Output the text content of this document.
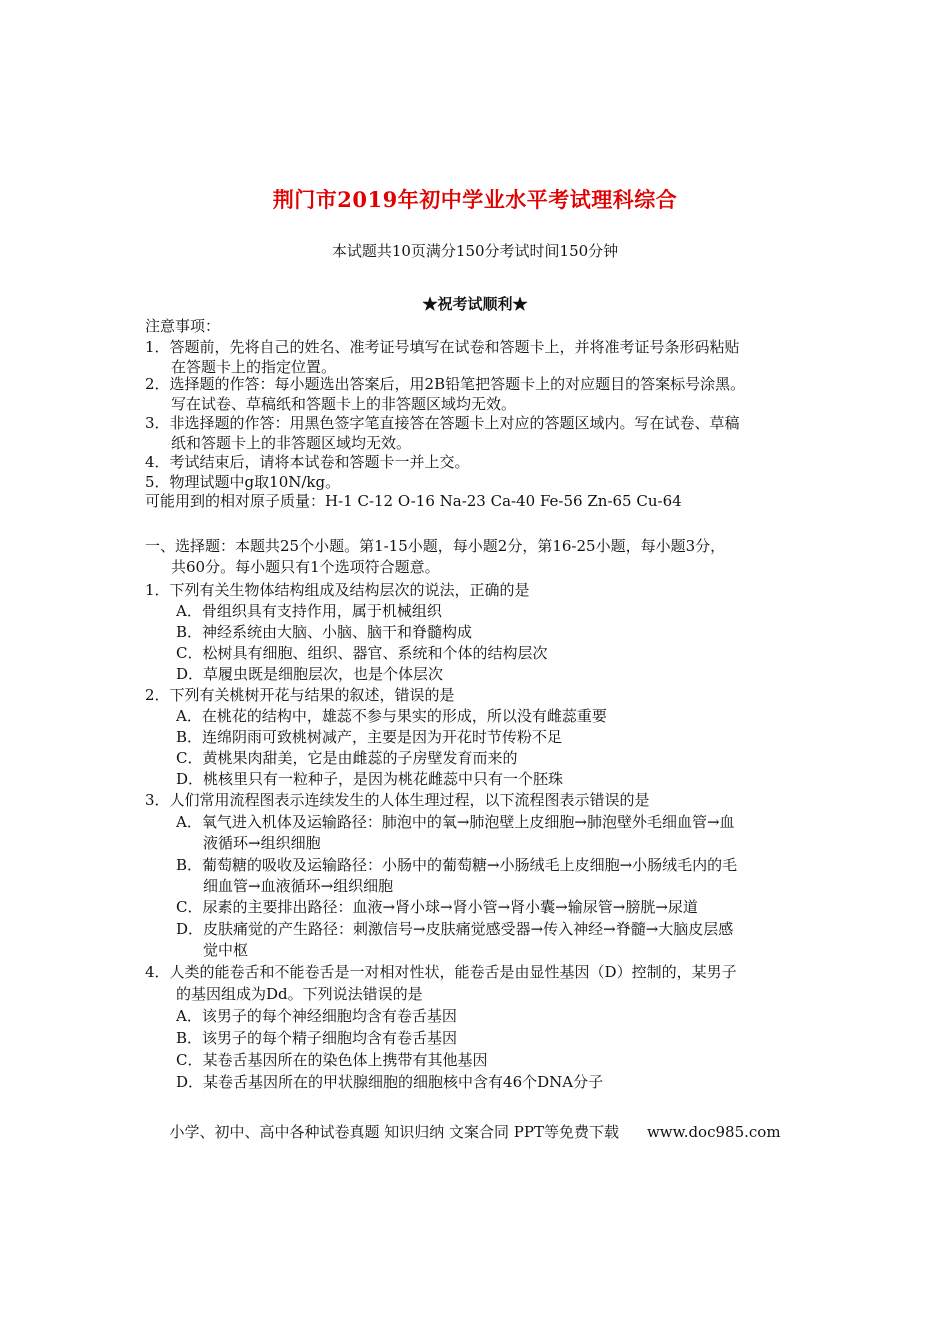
荆门市2019年初中学业水平考试理科综合
本试题共10页满分150分考试时间150分钟
★祝考试顺利★
注意事项：
1．答题前，先将自己的姓名、准考证号填写在试卷和答题卡上，并将准考证号条形码粘贴
在答题卡上的指定位置。
2．选择题的作答：每小题选出答案后，用2B铅笔把答题卡上的对应题目的答案标号涂黑。
写在试卷、草稿纸和答题卡上的非答题区域均无效。
3．非选择题的作答：用黑色签字笔直接答在答题卡上对应的答题区域内。写在试卷、草稿
纸和答题卡上的非答题区域均无效。
4．考试结束后，请将本试卷和答题卡一并上交。
5．物理试题中g取10N/kg。
可能用到的相对原子质量：H-1 C-12 O-16 Na-23 Ca-40 Fe-56 Zn-65 Cu-64
一、选择题：本题共25个小题。第1-15小题，每小题2分，第16-25小题，每小题3分，
共60分。每小题只有1个选项符合题意。
1．下列有关生物体结构组成及结构层次的说法，正确的是
A．骨组织具有支持作用，属于机械组织
B．神经系统由大脑、小脑、脑干和脊髓构成
C．松树具有细胞、组织、器官、系统和个体的结构层次
D．草履虫既是细胞层次，也是个体层次
2．下列有关桃树开花与结果的叙述，错误的是
A．在桃花的结构中，雄蕊不参与果实的形成，所以没有雌蕊重要
B．连绵阴雨可致桃树减产，主要是因为开花时节传粉不足
C．黄桃果肉甜美，它是由雌蕊的子房壁发育而来的
D．桃核里只有一粒种子，是因为桃花雌蕊中只有一个胚珠
3．人们常用流程图表示连续发生的人体生理过程，以下流程图表示错误的是
A．氧气进入机体及运输路径：肺泡中的氧→肺泡壁上皮细胞→肺泡壁外毛细血管→血
液循环→组织细胞
B．葡萄糖的吸收及运输路径：小肠中的葡萄糖→小肠绒毛上皮细胞→小肠绒毛内的毛
细血管→血液循环→组织细胞
C．尿素的主要排出路径：血液→肾小球→肾小管→肾小囊→输尿管→膀胱→尿道
D．皮肤痛觉的产生路径：刺激信号→皮肤痛觉感受器→传入神经→脊髓→大脑皮层感
觉中枢
4．人类的能卷舌和不能卷舌是一对相对性状，能卷舌是由显性基因（D）控制的，某男子
的基因组成为Dd。下列说法错误的是
A．该男子的每个神经细胞均含有卷舌基因
B．该男子的每个精子细胞均含有卷舌基因
C．某卷舌基因所在的染色体上携带有其他基因
D．某卷舌基因所在的甲状腺细胞的细胞核中含有46个DNA分子
小学、初中、高中各种试卷真题 知识归纳 文案合同 PPT等免费下载 www.doc985.com
